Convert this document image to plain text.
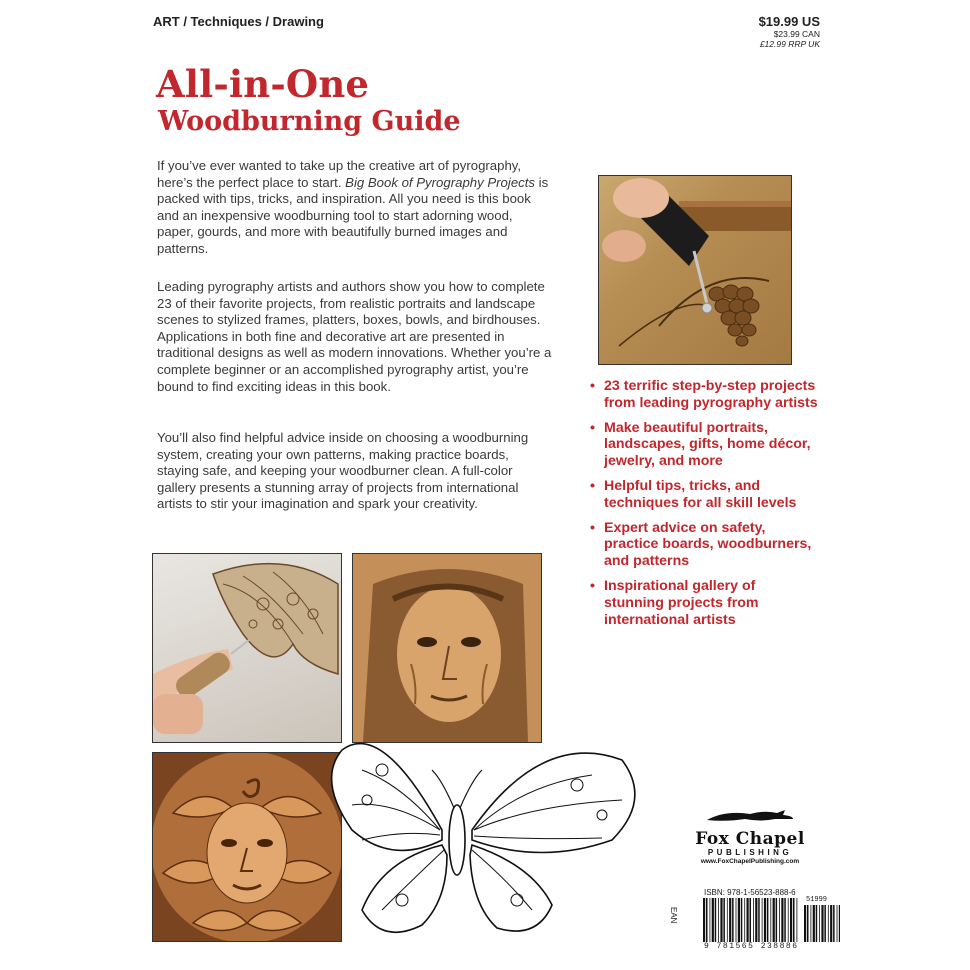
ART / Techniques / Drawing	$19.99 US
$23.99 CAN
£12.99 RRP UK
All-in-One
Woodburning Guide
If you’ve ever wanted to take up the creative art of pyrography, here’s the perfect place to start. Big Book of Pyrography Projects is packed with tips, tricks, and inspiration. All you need is this book and an inexpensive woodburning tool to start adorning wood, paper, gourds, and more with beautifully burned images and patterns.
Leading pyrography artists and authors show you how to complete 23 of their favorite projects, from realistic portraits and landscape scenes to stylized frames, platters, boxes, bowls, and birdhouses. Applications in both fine and decorative art are presented in traditional designs as well as modern innovations. Whether you’re a complete beginner or an accomplished pyrography artist, you’re bound to find exciting ideas in this book.
You’ll also find helpful advice inside on choosing a woodburning system, creating your own patterns, making practice boards, staying safe, and keeping your woodburner clean. A full-color gallery presents a stunning array of projects from international artists to stir your imagination and spark your creativity.
• 23 terrific step-by-step projects from leading pyrography artists
• Make beautiful portraits, landscapes, gifts, home décor, jewelry, and more
• Helpful tips, tricks, and techniques for all skill levels
• Expert advice on safety, practice boards, woodburners, and patterns
• Inspirational gallery of stunning projects from international artists
Fox Chapel
PUBLISHING
www.FoxChapelPublishing.com
ISBN: 978-1-56523-888-6
EAN
9 781565 238886
51999
